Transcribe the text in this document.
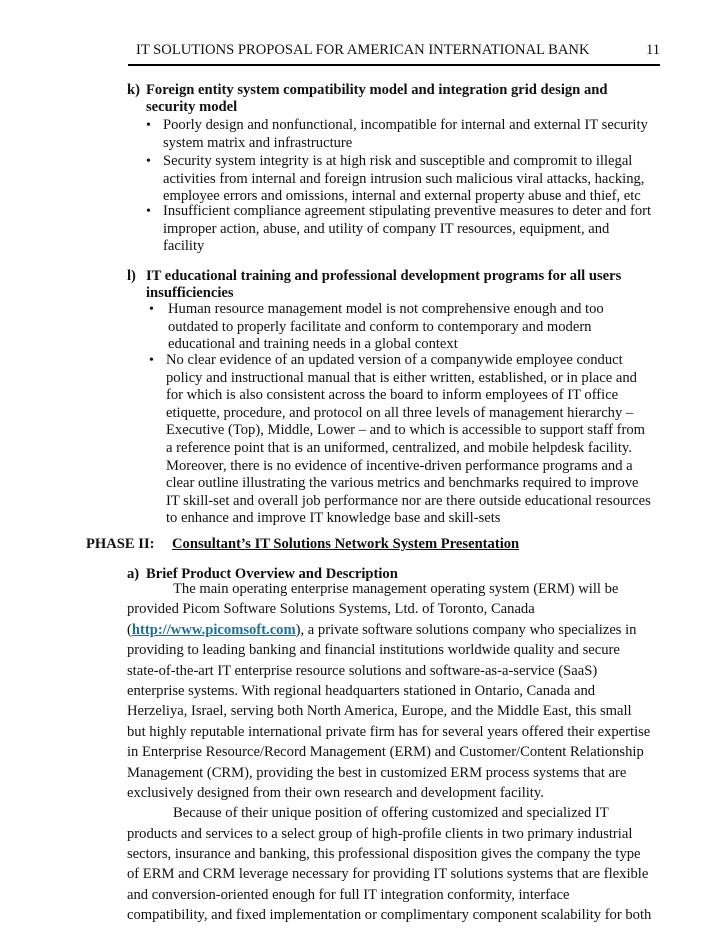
IT SOLUTIONS PROPOSAL FOR AMERICAN INTERNATIONAL BANK	11
k) Foreign entity system compatibility model and integration grid design and
security model
• Poorly design and nonfunctional, incompatible for internal and external IT security
system matrix and infrastructure
• Security system integrity is at high risk and susceptible and compromit to illegal
activities from internal and foreign intrusion such malicious viral attacks, hacking,
employee errors and omissions, internal and external property abuse and thief, etc
• Insufficient compliance agreement stipulating preventive measures to deter and fort
improper action, abuse, and utility of company IT resources, equipment, and
facility
l) IT educational training and professional development programs for all users
insufficiencies
• Human resource management model is not comprehensive enough and too
outdated to properly facilitate and conform to contemporary and modern
educational and training needs in a global context
• No clear evidence of an updated version of a companywide employee conduct
policy and instructional manual that is either written, established, or in place and
for which is also consistent across the board to inform employees of IT office
etiquette, procedure, and protocol on all three levels of management hierarchy –
Executive (Top), Middle, Lower – and to which is accessible to support staff from
a reference point that is an uniformed, centralized, and mobile helpdesk facility.
Moreover, there is no evidence of incentive-driven performance programs and a
clear outline illustrating the various metrics and benchmarks required to improve
IT skill-set and overall job performance nor are there outside educational resources
to enhance and improve IT knowledge base and skill-sets
PHASE II: Consultant’s IT Solutions Network System Presentation
a) Brief Product Overview and Description
The main operating enterprise management operating system (ERM) will be
provided Picom Software Solutions Systems, Ltd. of Toronto, Canada
(http://www.picomsoft.com), a private software solutions company who specializes in
providing to leading banking and financial institutions worldwide quality and secure
state-of-the-art IT enterprise resource solutions and software-as-a-service (SaaS)
enterprise systems. With regional headquarters stationed in Ontario, Canada and
Herzeliya, Israel, serving both North America, Europe, and the Middle East, this small
but highly reputable international private firm has for several years offered their expertise
in Enterprise Resource/Record Management (ERM) and Customer/Content Relationship
Management (CRM), providing the best in customized ERM process systems that are
exclusively designed from their own research and development facility.
Because of their unique position of offering customized and specialized IT
products and services to a select group of high-profile clients in two primary industrial
sectors, insurance and banking, this professional disposition gives the company the type
of ERM and CRM leverage necessary for providing IT solutions systems that are flexible
and conversion-oriented enough for full IT integration conformity, interface
compatibility, and fixed implementation or complimentary component scalability for both
